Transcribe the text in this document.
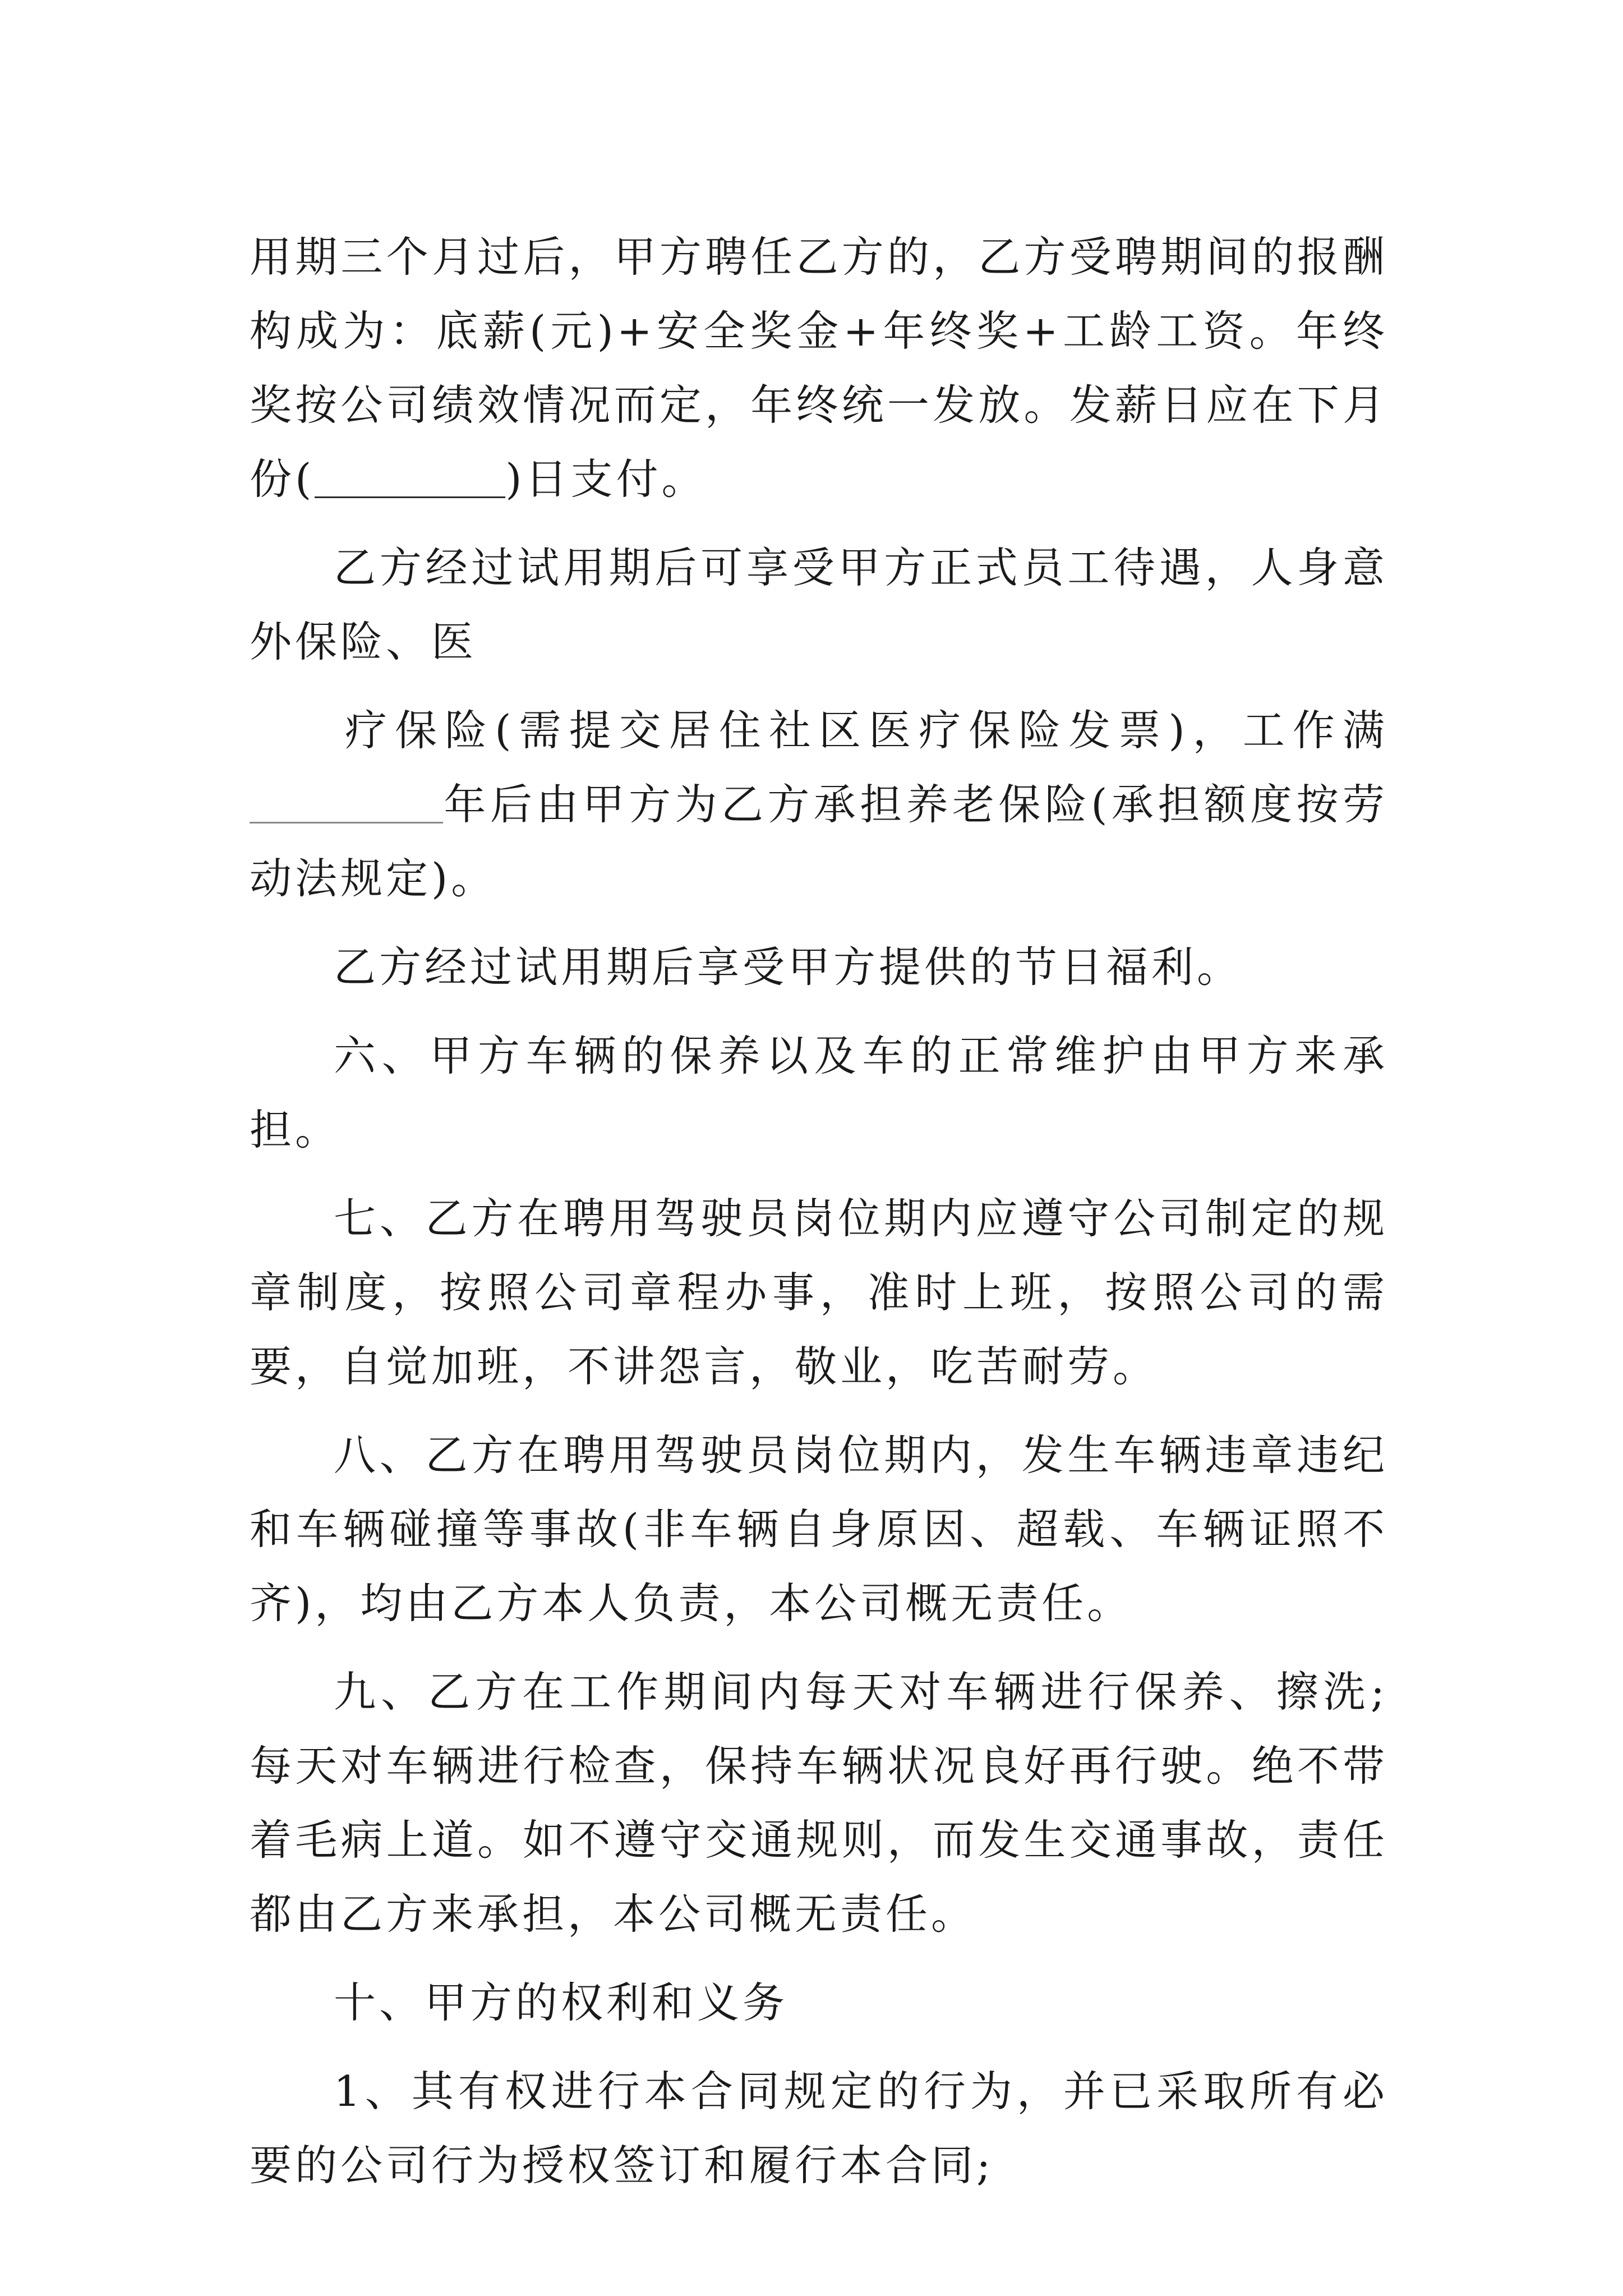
用期三个月过后，甲方聘任乙方的，乙方受聘期间的报酬构成为：底薪(元)+安全奖金+年终奖+工龄工资。年终奖按公司绩效情况而定，年终统一发放。发薪日应在下月份(	)日支付。

乙方经过试用期后可享受甲方正式员工待遇，人身意外保险、医

疗保险(需提交居住社区医疗保险发票)，工作满年后由甲方为乙方承担养老保险(承担额度按劳动法规定)。

乙方经过试用期后享受甲方提供的节日福利。

六、甲方车辆的保养以及车的正常维护由甲方来承担。

七、乙方在聘用驾驶员岗位期内应遵守公司制定的规章制度，按照公司章程办事，准时上班，按照公司的需要，自觉加班，不讲怨言，敬业，吃苦耐劳。

八、乙方在聘用驾驶员岗位期内，发生车辆违章违纪和车辆碰撞等事故(非车辆自身原因、超载、车辆证照不齐)，均由乙方本人负责，本公司概无责任。

九、乙方在工作期间内每天对车辆进行保养、擦洗;每天对车辆进行检查，保持车辆状况良好再行驶。绝不带着毛病上道。如不遵守交通规则，而发生交通事故，责任都由乙方来承担，本公司概无责任。

十、甲方的权利和义务

1、其有权进行本合同规定的行为，并已采取所有必要的公司行为授权签订和履行本合同;
